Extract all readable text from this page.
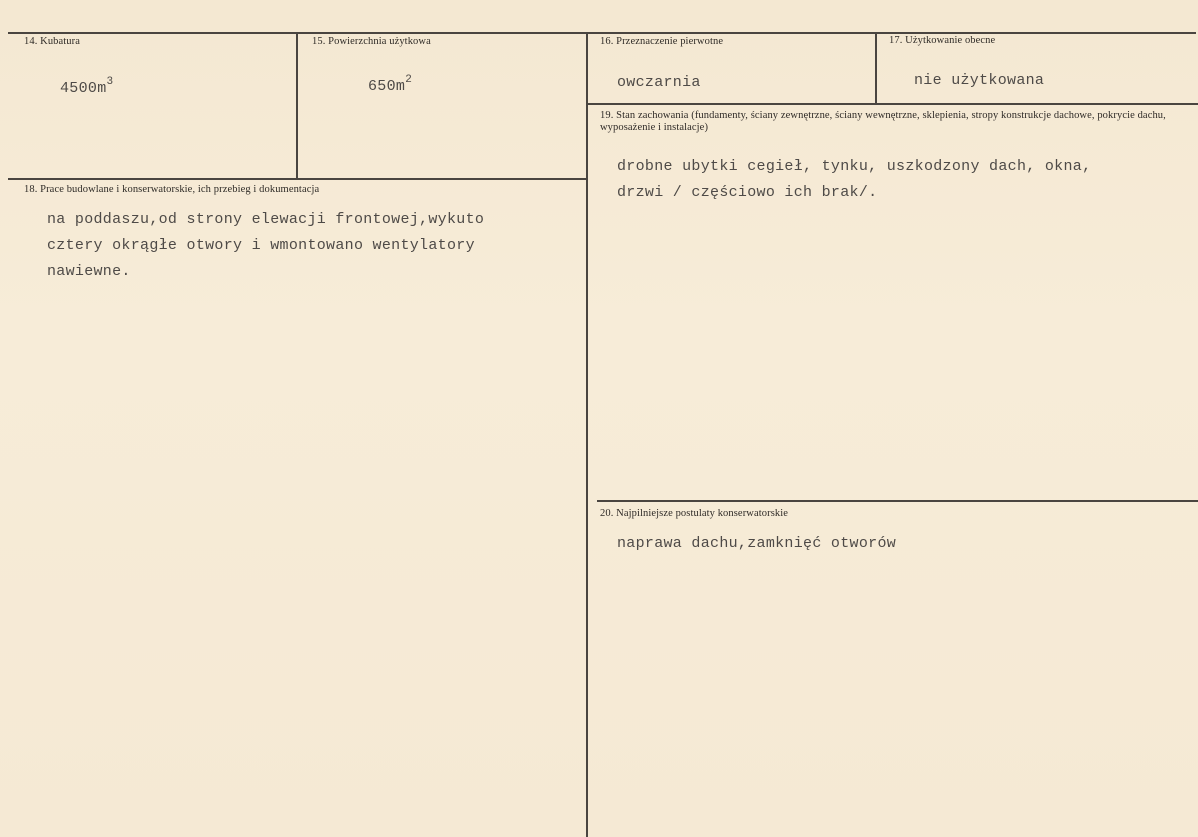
14. Kubatura
$4500m^3$
15. Powierzchnia użytkowa
$650m^2$
16. Przeznaczenie pierwotne
owczarnia
17. Użytkowanie obecne
nie użytkowana
19. Stan zachowania (fundamenty, ściany zewnętrzne, ściany wewnętrzne, sklepienia, stropy konstrukcje dachowe, pokrycie dachu, wyposażenie i instalacje)
drobne ubytki cegieł, tynku, uszkodzony dach, okna,
drzwi / częściowo ich brak/.
18. Prace budowlane i konserwatorskie, ich przebieg i dokumentacja
na poddaszu,od strony elewacji frontowej,wykuto
cztery okrągłe otwory i wmontowano wentylatory
nawiewne.
20. Najpilniejsze postulaty konserwatorskie
naprawa dachu,zamknięć otworów
